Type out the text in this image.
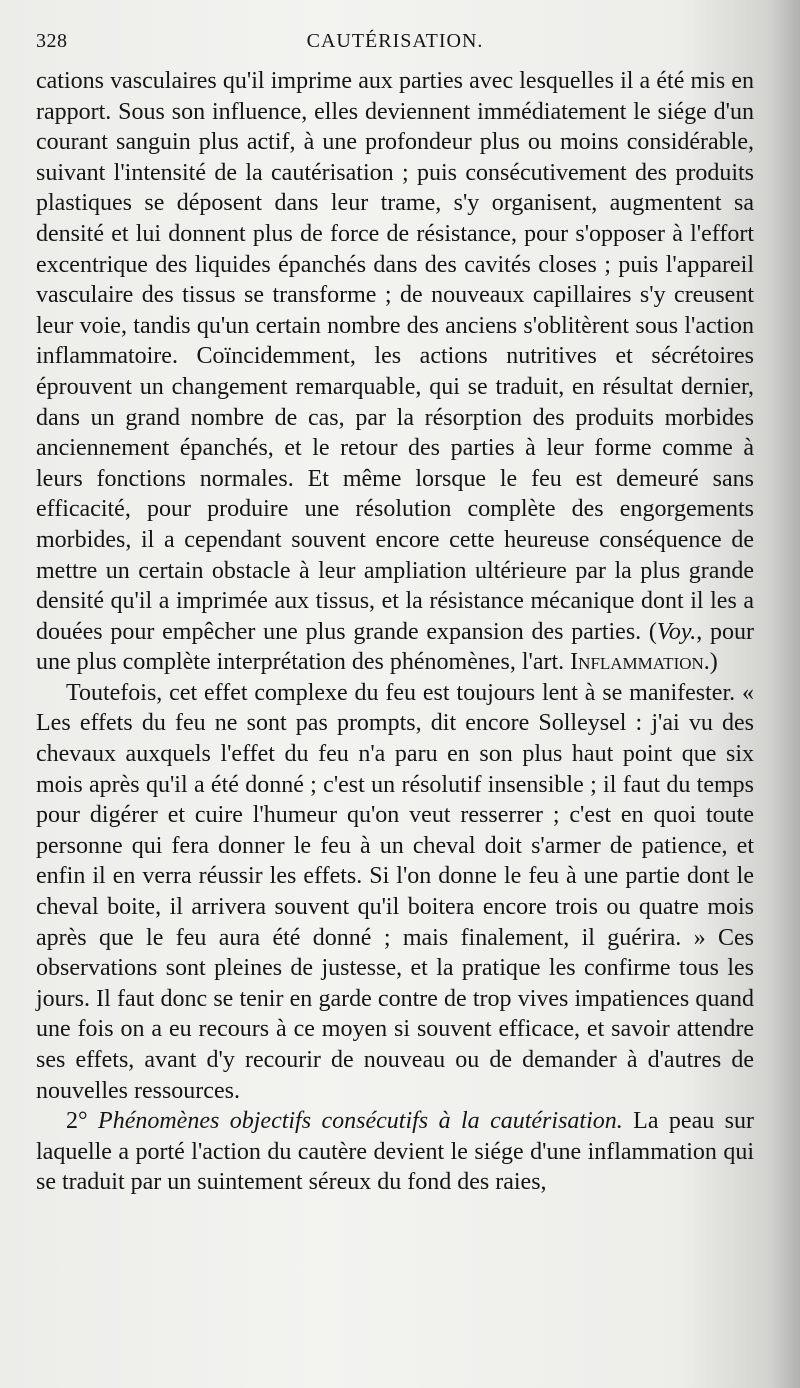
328	CAUTÉRISATION.

cations vasculaires qu'il imprime aux parties avec lesquelles il a été mis en rapport. Sous son influence, elles deviennent immédiatement le siége d'un courant sanguin plus actif, à une profondeur plus ou moins considérable, suivant l'intensité de la cautérisation ; puis consécutivement des produits plastiques se déposent dans leur trame, s'y organisent, augmentent sa densité et lui donnent plus de force de résistance, pour s'opposer à l'effort excentrique des liquides épanchés dans des cavités closes ; puis l'appareil vasculaire des tissus se transforme ; de nouveaux capillaires s'y creusent leur voie, tandis qu'un certain nombre des anciens s'oblitèrent sous l'action inflammatoire. Coïncidemment, les actions nutritives et sécrétoires éprouvent un changement remarquable, qui se traduit, en résultat dernier, dans un grand nombre de cas, par la résorption des produits morbides anciennement épanchés, et le retour des parties à leur forme comme à leurs fonctions normales. Et même lorsque le feu est demeuré sans efficacité, pour produire une résolution complète des engorgements morbides, il a cependant souvent encore cette heureuse conséquence de mettre un certain obstacle à leur ampliation ultérieure par la plus grande densité qu'il a imprimée aux tissus, et la résistance mécanique dont il les a douées pour empêcher une plus grande expansion des parties. (Voy., pour une plus complète interprétation des phénomènes, l'art. Inflammation.)

Toutefois, cet effet complexe du feu est toujours lent à se manifester. « Les effets du feu ne sont pas prompts, dit encore Solleysel : j'ai vu des chevaux auxquels l'effet du feu n'a paru en son plus haut point que six mois après qu'il a été donné ; c'est un résolutif insensible ; il faut du temps pour digérer et cuire l'humeur qu'on veut resserrer ; c'est en quoi toute personne qui fera donner le feu à un cheval doit s'armer de patience, et enfin il en verra réussir les effets. Si l'on donne le feu à une partie dont le cheval boite, il arrivera souvent qu'il boitera encore trois ou quatre mois après que le feu aura été donné ; mais finalement, il guérira. » Ces observations sont pleines de justesse, et la pratique les confirme tous les jours. Il faut donc se tenir en garde contre de trop vives impatiences quand une fois on a eu recours à ce moyen si souvent efficace, et savoir attendre ses effets, avant d'y recourir de nouveau ou de demander à d'autres de nouvelles ressources.

2° Phénomènes objectifs consécutifs à la cautérisation. La peau sur laquelle a porté l'action du cautère devient le siége d'une inflammation qui se traduit par un suintement séreux du fond des raies,
